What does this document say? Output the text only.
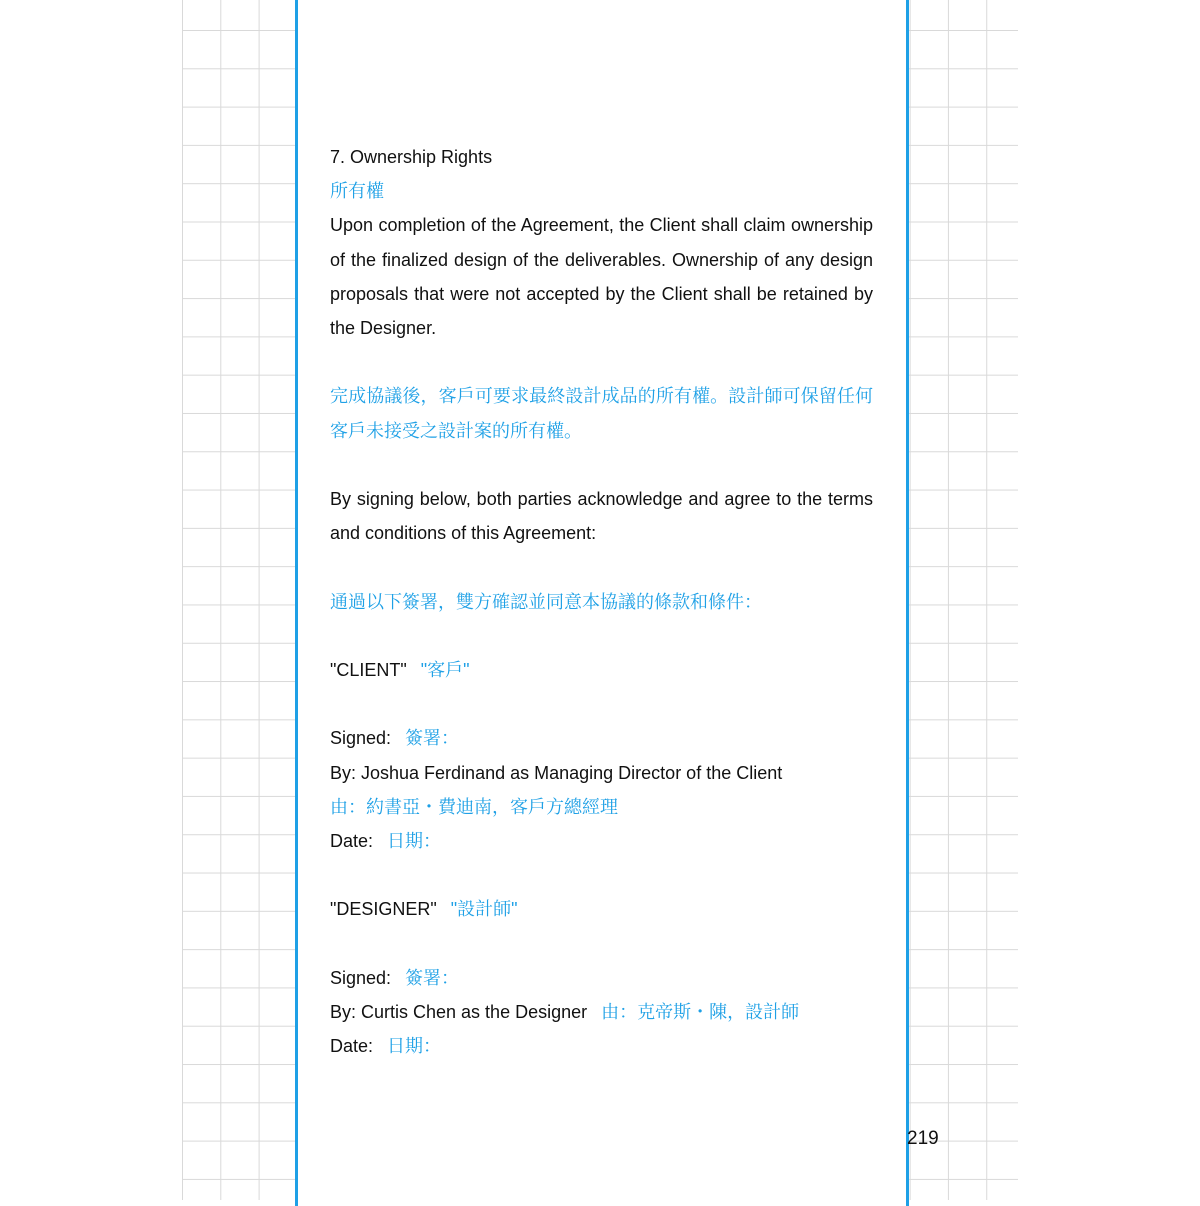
7. Ownership Rights
所有權
Upon completion of the Agreement, the Client shall claim ownership of the finalized design of the deliverables. Ownership of any design proposals that were not accepted by the Client shall be retained by the Designer.
完成協議後，客戶可要求最終設計成品的所有權。設計師可保留任何客戶未接受之設計案的所有權。
By signing below, both parties acknowledge and agree to the terms and conditions of this Agreement:
通過以下簽署，雙方確認並同意本協議的條款和條件：
"CLIENT" "客戶"
Signed: 簽署：
By: Joshua Ferdinand as Managing Director of the Client
由：約書亞・費迪南，客戶方總經理
Date: 日期：
"DESIGNER" "設計師"
Signed: 簽署：
By: Curtis Chen as the Designer 由：克帝斯・陳，設計師
Date: 日期：
219
